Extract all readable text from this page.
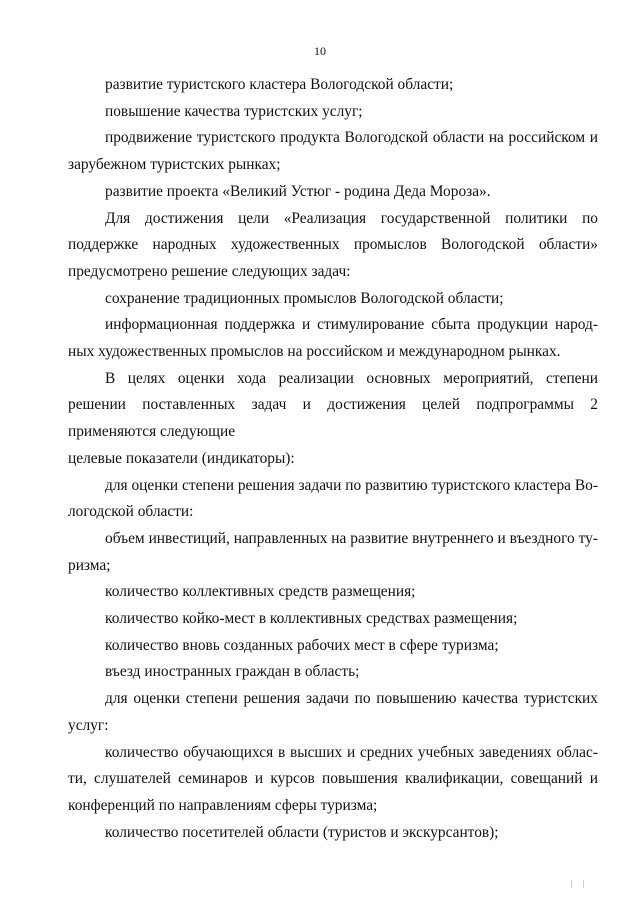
10

развитие туристского кластера Вологодской области;

повышение качества туристских услуг;

продвижение туристского продукта Вологодской области на российском и зарубежном туристских рынках;

развитие проекта «Великий Устюг - родина Деда Мороза».

Для достижения цели «Реализация государственной политики по поддержке народных художественных промыслов Вологодской области» предусмотрено решение следующих задач:

сохранение традиционных промыслов Вологодской области;

информационная поддержка и стимулирование сбыта продукции народных художественных промыслов на российском и международном рынках.

В целях оценки хода реализации основных мероприятий, степени решении поставленных задач и достижения целей подпрограммы 2 применяются следующие

целевые показатели (индикаторы):

для оценки степени решения задачи по развитию туристского кластера Вологодской области:

объем инвестиций, направленных на развитие внутреннего и въездного туризма;

количество коллективных средств размещения;

количество койко-мест в коллективных средствах размещения;

количество вновь созданных рабочих мест в сфере туризма;

въезд иностранных граждан в область;

для оценки степени решения задачи по повышению качества туристских услуг:

количество обучающихся в высших и средних учебных заведениях области, слушателей семинаров и курсов повышения квалификации, совещаний и конференций по направлениям сферы туризма;

количество посетителей области (туристов и экскурсантов);

| |
